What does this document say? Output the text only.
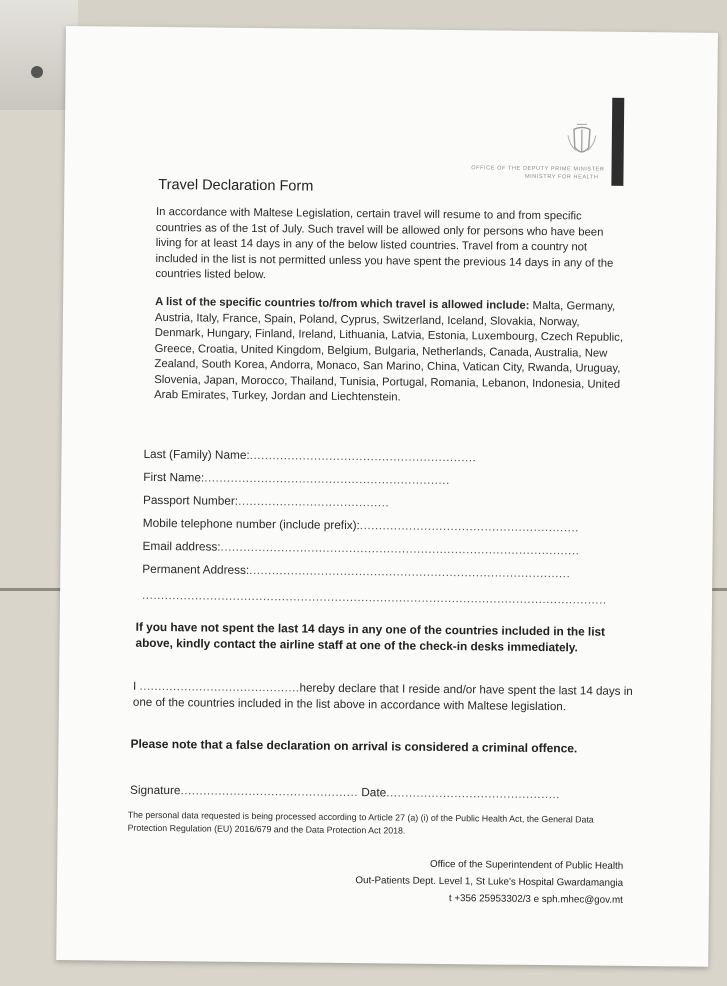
OFFICE OF THE DEPUTY PRIME MINISTER
MINISTRY FOR HEALTH
Travel Declaration Form
In accordance with Maltese Legislation, certain travel will resume to and from specific countries as of the 1st of July. Such travel will be allowed only for persons who have been living for at least 14 days in any of the below listed countries. Travel from a country not included in the list is not permitted unless you have spent the previous 14 days in any of the countries listed below.
A list of the specific countries to/from which travel is allowed include: Malta, Germany, Austria, Italy, France, Spain, Poland, Cyprus, Switzerland, Iceland, Slovakia, Norway, Denmark, Hungary, Finland, Ireland, Lithuania, Latvia, Estonia, Luxembourg, Czech Republic, Greece, Croatia, United Kingdom, Belgium, Bulgaria, Netherlands, Canada, Australia, New Zealand, South Korea, Andorra, Monaco, San Marino, China, Vatican City, Rwanda, Uruguay, Slovenia, Japan, Morocco, Thailand, Tunisia, Portugal, Romania, Lebanon, Indonesia, United Arab Emirates, Turkey, Jordan and Liechtenstein.
Last (Family) Name:............................................................
First Name:.................................................................
Passport Number:........................................
Mobile telephone number (include prefix):..........................................................
Email address:...............................................................................................
Permanent Address:.....................................................................................
...........................................................................................................................
If you have not spent the last 14 days in any one of the countries included in the list above, kindly contact the airline staff at one of the check-in desks immediately.
I ...........................................hereby declare that I reside and/or have spent the last 14 days in one of the countries included in the list above in accordance with Maltese legislation.
Please note that a false declaration on arrival is considered a criminal offence.
Signature............................................... Date..............................................
The personal data requested is being processed according to Article 27 (a) (i) of the Public Health Act, the General Data Protection Regulation (EU) 2016/679 and the Data Protection Act 2018.
Office of the Superintendent of Public Health
Out-Patients Dept. Level 1, St Luke's Hospital Gwardamangia
t +356 25953302/3 e sph.mhec@gov.mt
